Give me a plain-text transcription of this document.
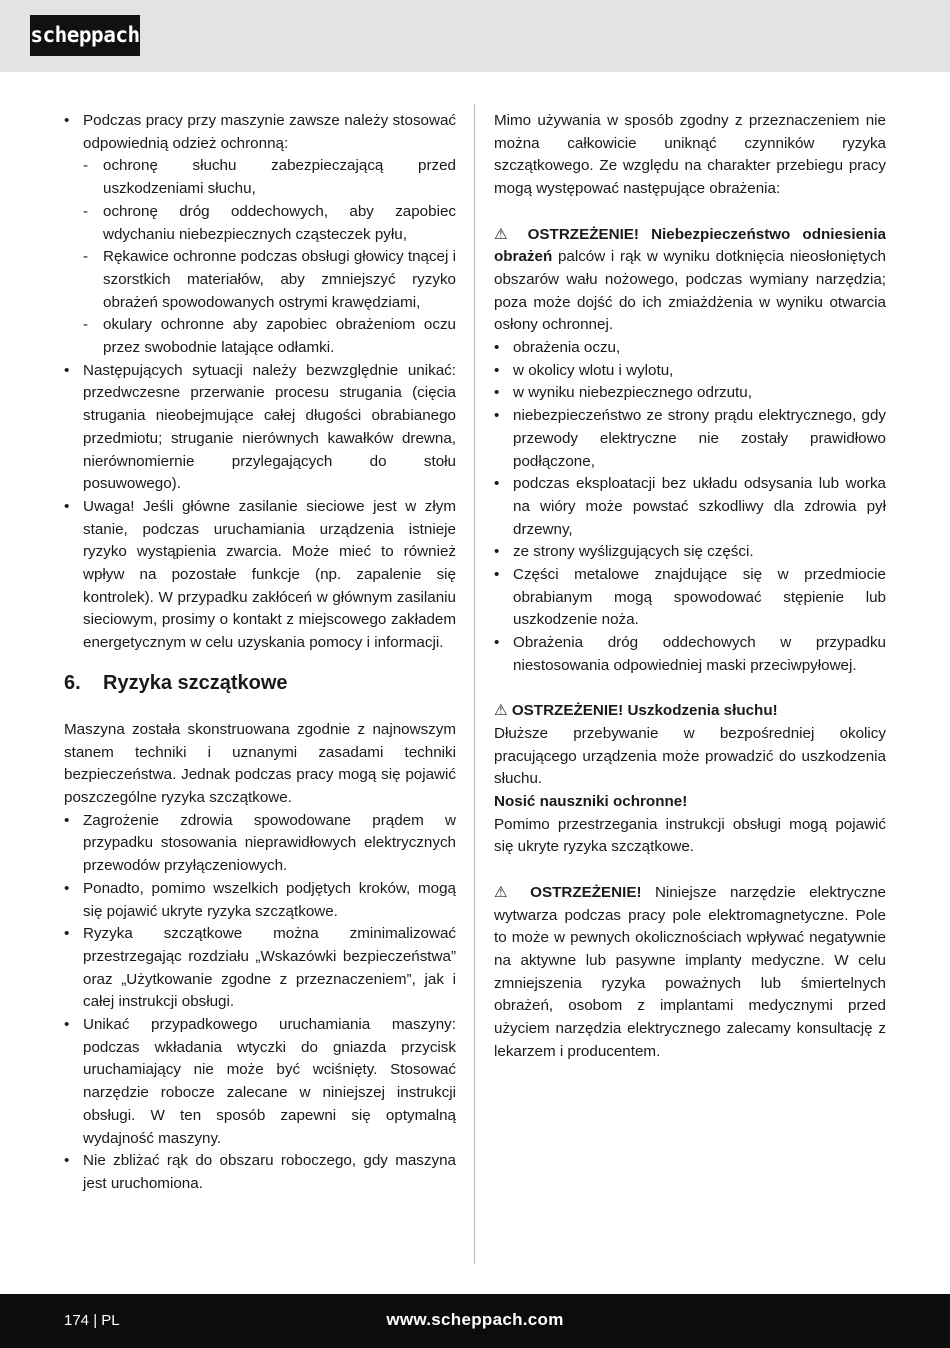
scheppach
• Podczas pracy przy maszynie zawsze należy stosować odpowiednią odzież ochronną:
- ochronę słuchu zabezpieczającą przed uszkodzeniami słuchu,
- ochronę dróg oddechowych, aby zapobiec wdychaniu niebezpiecznych cząsteczek pyłu,
- Rękawice ochronne podczas obsługi głowicy tnącej i szorstkich materiałów, aby zmniejszyć ryzyko obrażeń spowodowanych ostrymi krawędziami,
- okulary ochronne aby zapobiec obrażeniom oczu przez swobodnie latające odłamki.
• Następujących sytuacji należy bezwzględnie unikać: przedwczesne przerwanie procesu strugania (cięcia strugania nieobejmujące całej długości obrabianego przedmiotu; struganie nierównych kawałków drewna, nierównomiernie przylegających do stołu posuwowego).
• Uwaga! Jeśli główne zasilanie sieciowe jest w złym stanie, podczas uruchamiania urządzenia istnieje ryzyko wystąpienia zwarcia. Może mieć to również wpływ na pozostałe funkcje (np. zapalenie się kontrolek). W przypadku zakłóceń w głównym zasilaniu sieciowym, prosimy o kontakt z miejscowego zakładem energetycznym w celu uzyskania pomocy i informacji.
6. Ryzyka szczątkowe

Maszyna została skonstruowana zgodnie z najnowszym stanem techniki i uznanymi zasadami techniki bezpieczeństwa. Jednak podczas pracy mogą się pojawić poszczególne ryzyka szczątkowe.

• Zagrożenie zdrowia spowodowane prądem w przypadku stosowania nieprawidłowych elektrycznych przewodów przyłączeniowych.
• Ponadto, pomimo wszelkich podjętych kroków, mogą się pojawić ukryte ryzyka szczątkowe.
• Ryzyka szczątkowe można zminimalizować przestrzegając rozdziału „Wskazówki bezpieczeństwa” oraz „Użytkowanie zgodne z przeznaczeniem”, jak i całej instrukcji obsługi.
• Unikać przypadkowego uruchamiania maszyny: podczas wkładania wtyczki do gniazda przycisk uruchamiający nie może być wciśnięty. Stosować narzędzie robocze zalecane w niniejszej instrukcji obsługi. W ten sposób zapewni się optymalną wydajność maszyny.
• Nie zbliżać rąk do obszaru roboczego, gdy maszyna jest uruchomiona.

Mimo używania w sposób zgodny z przeznaczeniem nie można całkowicie uniknąć czynników ryzyka szczątkowego. Ze względu na charakter przebiegu pracy mogą występować następujące obrażenia:

⚠ OSTRZEŻENIE! Niebezpieczeństwo odniesienia obrażeń palców i rąk w wyniku dotknięcia nieosłoniętych obszarów wału nożowego, podczas wymiany narzędzia; poza może dojść do ich zmiażdżenia w wyniku otwarcia osłony ochronnej.

• obrażenia oczu,
• w okolicy wlotu i wylotu,
• w wyniku niebezpiecznego odrzutu,
• niebezpieczeństwo ze strony prądu elektrycznego, gdy przewody elektryczne nie zostały prawidłowo podłączone,
• podczas eksploatacji bez układu odsysania lub worka na wióry może powstać szkodliwy dla zdrowia pył drzewny,
• ze strony wyślizgujących się części.
• Części metalowe znajdujące się w przedmiocie obrabianym mogą spowodować stępienie lub uszkodzenie noża.
• Obrażenia dróg oddechowych w przypadku niestosowania odpowiedniej maski przeciwpyłowej.

⚠ OSTRZEŻENIE! Uszkodzenia słuchu!

Dłuższe przebywanie w bezpośredniej okolicy pracującego urządzenia może prowadzić do uszkodzenia słuchu.

Nosić nauszniki ochronne!

Pomimo przestrzegania instrukcji obsługi mogą pojawić się ukryte ryzyka szczątkowe.

⚠ OSTRZEŻENIE! Niniejsze narzędzie elektryczne wytwarza podczas pracy pole elektromagnetyczne. Pole to może w pewnych okolicznościach wpływać negatywnie na aktywne lub pasywne implanty medyczne. W celu zmniejszenia ryzyka poważnych lub śmiertelnych obrażeń, osobom z implantami medycznymi przed użyciem narzędzia elektrycznego zalecamy konsultację z lekarzem i producentem.

174 | PL	www.scheppach.com
